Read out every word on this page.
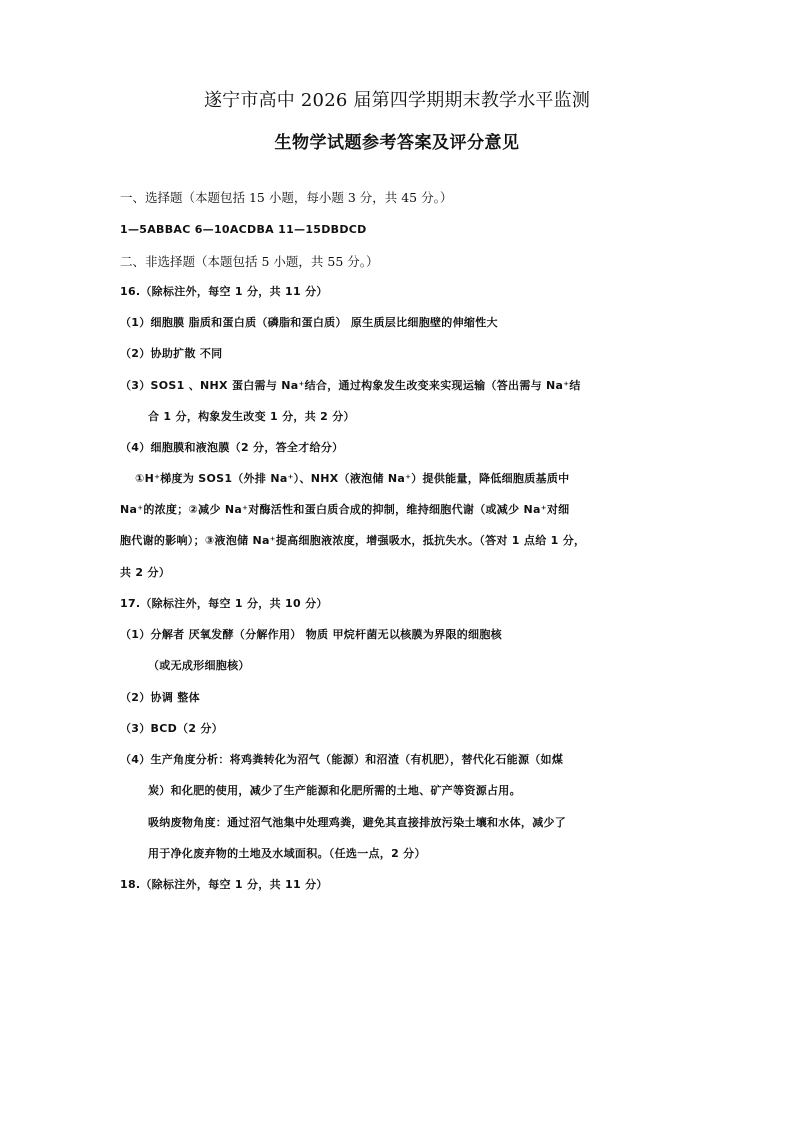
遂宁市高中 2026 届第四学期期末教学水平监测
生物学试题参考答案及评分意见
一、选择题（本题包括 15 小题，每小题 3 分，共 45 分。）
1—5ABBAC 6—10ACDBA 11—15DBDCD
二、非选择题（本题包括 5 小题，共 55 分。）
16.（除标注外，每空 1 分，共 11 分）
（1）细胞膜 脂质和蛋白质（磷脂和蛋白质） 原生质层比细胞壁的伸缩性大
（2）协助扩散 不同
（3）SOS1 、NHX 蛋白需与 Na⁺结合，通过构象发生改变来实现运输（答出需与 Na⁺结
合 1 分，构象发生改变 1 分，共 2 分）
（4）细胞膜和液泡膜（2 分，答全才给分）
①H⁺梯度为 SOS1（外排 Na⁺）、NHX（液泡储 Na⁺）提供能量，降低细胞质基质中
Na⁺的浓度；②减少 Na⁺对酶活性和蛋白质合成的抑制，维持细胞代谢（或减少 Na⁺对细
胞代谢的影响）；③液泡储 Na⁺提高细胞液浓度，增强吸水，抵抗失水。（答对 1 点给 1 分，
共 2 分）
17.（除标注外，每空 1 分，共 10 分）
（1）分解者 厌氧发酵（分解作用） 物质 甲烷杆菌无以核膜为界限的细胞核
（或无成形细胞核）
（2）协调 整体
（3）BCD（2 分）
（4）生产角度分析：将鸡粪转化为沼气（能源）和沼渣（有机肥），替代化石能源（如煤
炭）和化肥的使用，减少了生产能源和化肥所需的土地、矿产等资源占用。
吸纳废物角度：通过沼气池集中处理鸡粪，避免其直接排放污染土壤和水体，减少了
用于净化废弃物的土地及水域面积。（任选一点，2 分）
18.（除标注外，每空 1 分，共 11 分）
